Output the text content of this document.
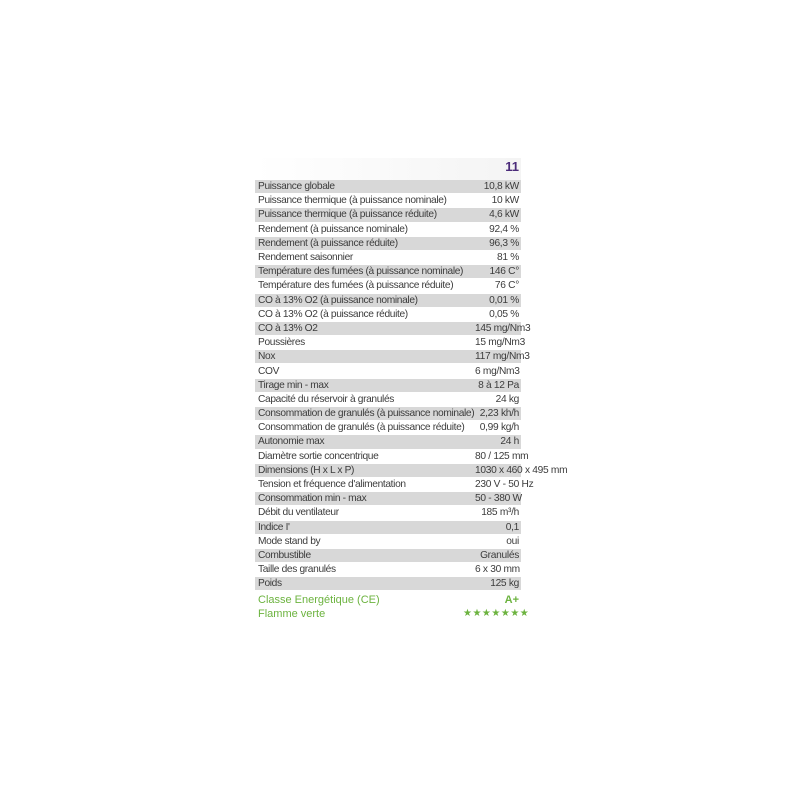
11
Puissance globale	10,8 kW
Puissance thermique (à puissance nominale)	10 kW
Puissance thermique (à puissance réduite)	4,6 kW
Rendement (à puissance nominale)	92,4 %
Rendement (à puissance réduite)	96,3 %
Rendement saisonnier	81 %
Température des fumées (à puissance nominale)	146 C°
Température des fumées (à puissance réduite)	76 C°
CO à 13% O2 (à puissance nominale)	0,01 %
CO à 13% O2 (à puissance réduite)	0,05 %
CO à 13% O2	145 mg/Nm3
Poussières	15 mg/Nm3
Nox	117 mg/Nm3
COV	6 mg/Nm3
Tirage min - max	8 à 12 Pa
Capacité du réservoir à granulés	24 kg
Consommation de granulés (à puissance nominale)	2,23 kh/h
Consommation de granulés (à puissance réduite)	0,99 kg/h
Autonomie max	24 h
Diamètre sortie concentrique	80 / 125 mm
Dimensions (H x L x P)	1030 x 460 x 495 mm
Tension et fréquence d'alimentation	230 V - 50 Hz
Consommation min - max	50 - 380 W
Débit du ventilateur	185 m³/h
Indice I'	0,1
Mode stand by	oui
Combustible	Granulés
Taille des granulés	6 x 30 mm
Poids	125 kg
Classe Energétique (CE)	A+
Flamme verte	★★★★★★★
